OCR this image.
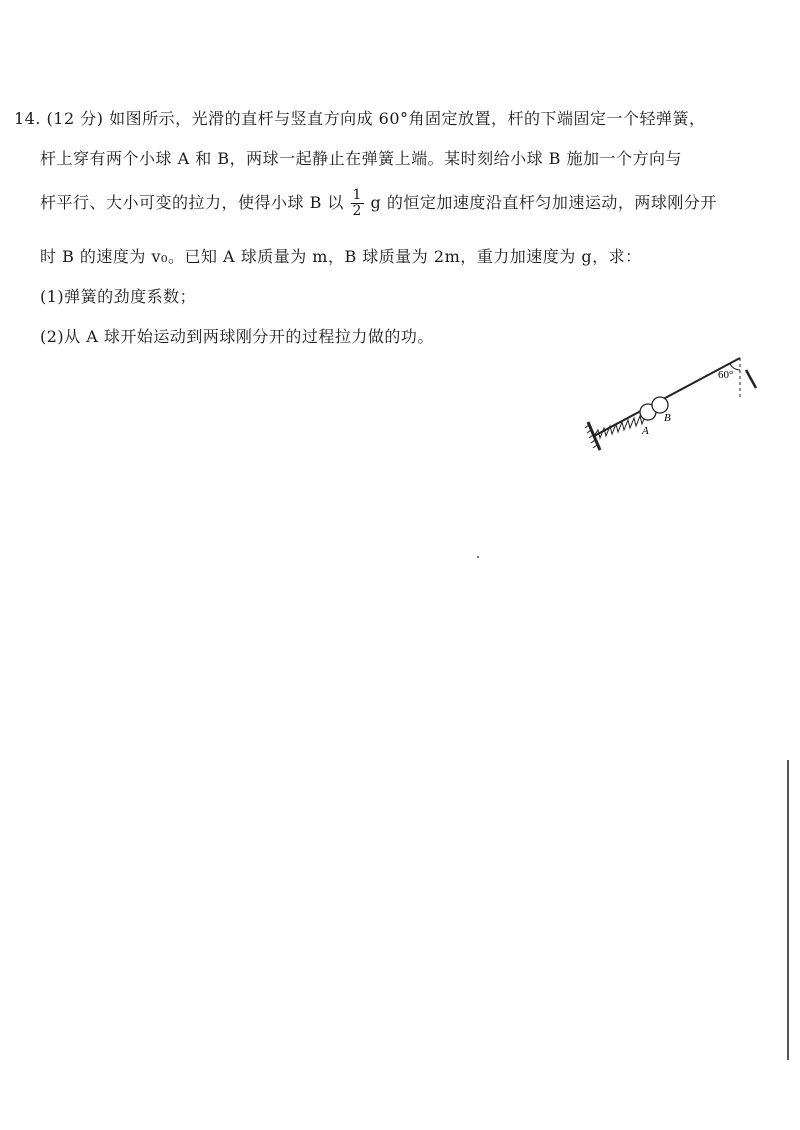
14. (12 分) 如图所示，光滑的直杆与竖直方向成 60°角固定放置，杆的下端固定一个轻弹簧，
杆上穿有两个小球 A 和 B，两球一起静止在弹簧上端。某时刻给小球 B 施加一个方向与
杆平行、大小可变的拉力，使得小球 B 以 $\frac{1}{2}$ g 的恒定加速度沿直杆匀加速运动，两球刚分开
时 B 的速度为 v₀。已知 A 球质量为 m，B 球质量为 2m，重力加速度为 g，求：
(1)弹簧的劲度系数；
(2)从 A 球开始运动到两球刚分开的过程拉力做的功。
A
B
60°
